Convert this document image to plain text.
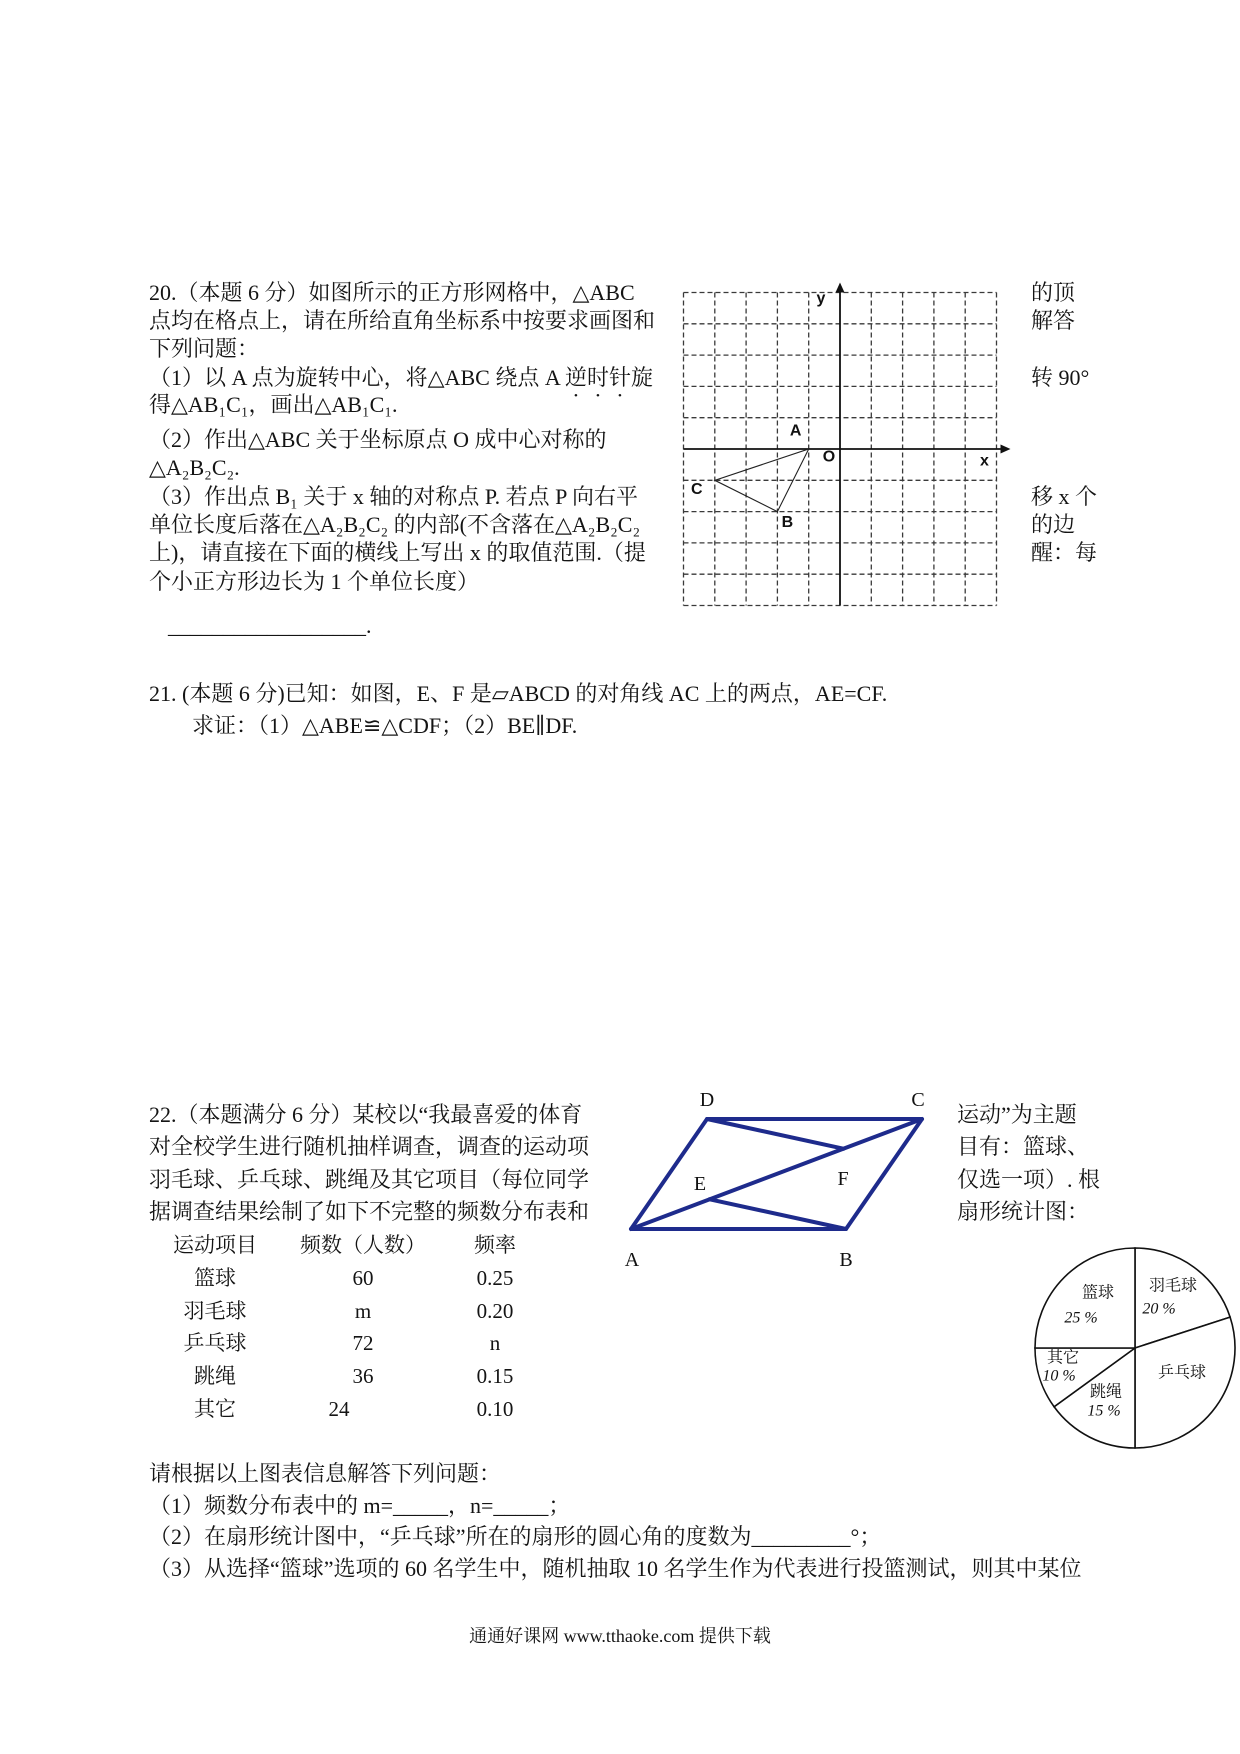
20.（本题 6 分）如图所示的正方形网格中，△ABC
点均在格点上，请在所给直角坐标系中按要求画图和
下列问题：
（1）以 A 点为旋转中心，将△ABC 绕点 A 逆时针旋
得△AB₁C₁，画出△AB₁C₁.
（2）作出△ABC 关于坐标原点 O 成中心对称的
△A₂B₂C₂.
（3）作出点 B₁ 关于 x 轴的对称点 P. 若点 P 向右平
单位长度后落在△A₂B₂C₂ 的内部(不含落在△A₂B₂C₂
上)，请直接在下面的横线上写出 x 的取值范围.（提
个小正方形边长为 1 个单位长度）
__________________.
的顶
解答
转 90°
移 x 个
的边
醒：每
A
B
C
y
x
O
21. (本题 6 分)已知：如图，E、F 是▱ABCD 的对角线 AC 上的两点，AE=CF.
求证：（1）△ABE≌△CDF；（2）BE∥DF.
D	C
A	B
E	F
22.（本题满分 6 分）某校以“我最喜爱的体育
对全校学生进行随机抽样调查，调查的运动项
羽毛球、乒乓球、跳绳及其它项目（每位同学
据调查结果绘制了如下不完整的频数分布表和
运动”为主题
目有：篮球、
仅选一项）. 根
扇形统计图：
运动项目	频数（人数）	频率
篮球	60	0.25
羽毛球	m	0.20
乒乓球	72	n
跳绳	36	0.15
其它	24	0.10
羽毛球
20 %
乒乓球
跳绳
15 %
其它
10 %
篮球
25 %
请根据以上图表信息解答下列问题：
（1）频数分布表中的 m=_____，n=_____；
（2）在扇形统计图中，“乒乓球”所在的扇形的圆心角的度数为_________°；
（3）从选择“篮球”选项的 60 名学生中，随机抽取 10 名学生作为代表进行投篮测试，则其中某位
通通好课网 www.tthaoke.com 提供下载
